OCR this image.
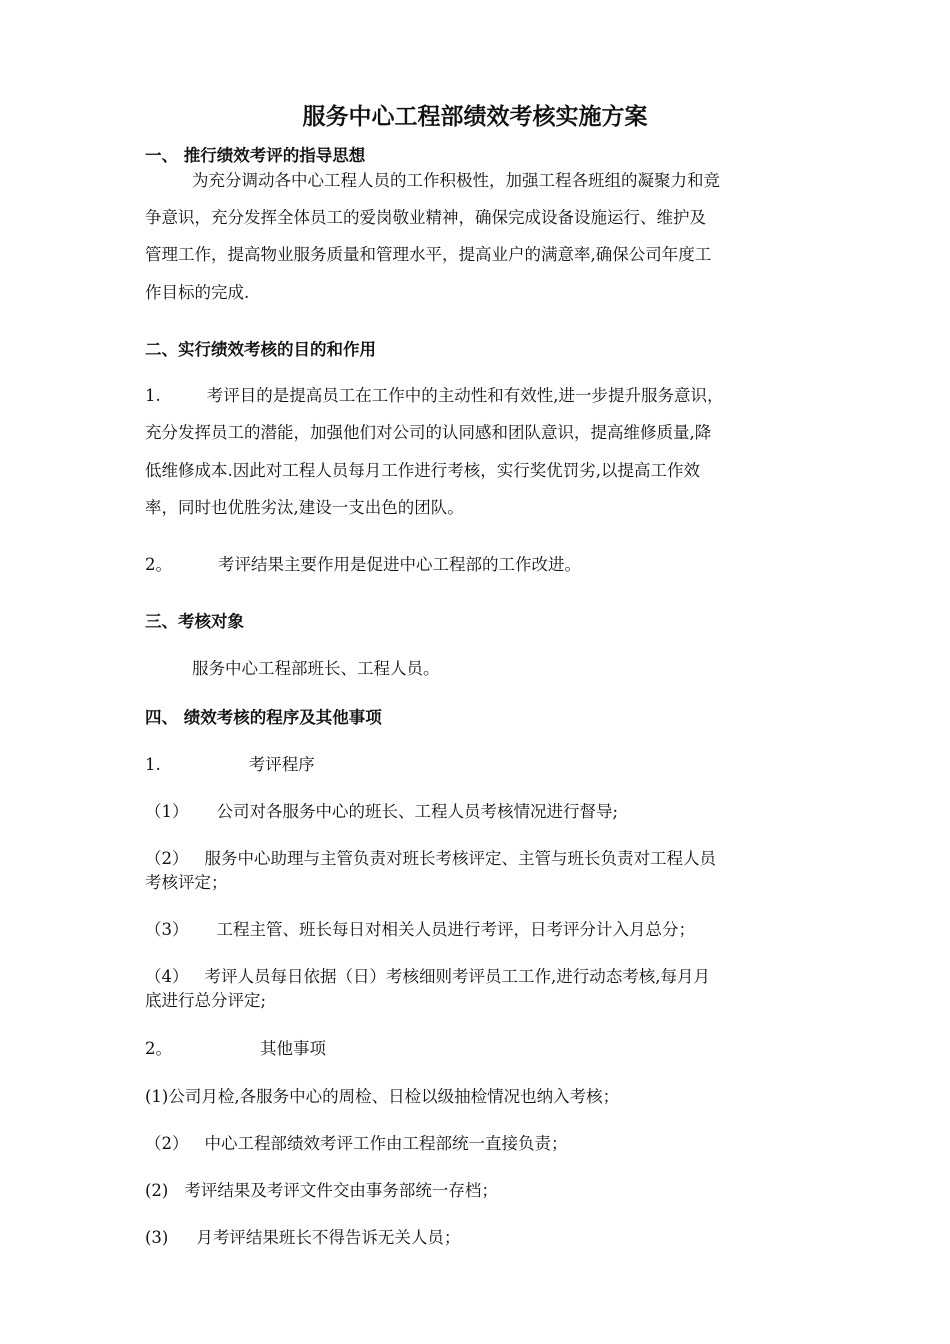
服务中心工程部绩效考核实施方案
一、 推行绩效考评的指导思想
为充分调动各中心工程人员的工作积极性，加强工程各班组的凝聚力和竞
争意识，充分发挥全体员工的爱岗敬业精神，确保完成设备设施运行、维护及
管理工作，提高物业服务质量和管理水平，提高业户的满意率,确保公司年度工
作目标的完成.
二、实行绩效考核的目的和作用
1.	考评目的是提高员工在工作中的主动性和有效性,进一步提升服务意识，
充分发挥员工的潜能，加强他们对公司的认同感和团队意识，提高维修质量,降
低维修成本.因此对工程人员每月工作进行考核，实行奖优罚劣,以提高工作效
率，同时也优胜劣汰,建设一支出色的团队。
2。	考评结果主要作用是促进中心工程部的工作改进。
三、考核对象
服务中心工程部班长、工程人员。
四、 绩效考核的程序及其他事项
1.	考评程序
（1） 公司对各服务中心的班长、工程人员考核情况进行督导;
（2） 服务中心助理与主管负责对班长考核评定、主管与班长负责对工程人员
考核评定；
（3） 工程主管、班长每日对相关人员进行考评，日考评分计入月总分；
（4） 考评人员每日依据（日）考核细则考评员工工作,进行动态考核,每月月
底进行总分评定;
2。	其他事项
(1)公司月检,各服务中心的周检、日检以级抽检情况也纳入考核；
（2） 中心工程部绩效考评工作由工程部统一直接负责；
(2) 考评结果及考评文件交由事务部统一存档；
(3) 月考评结果班长不得告诉无关人员；
